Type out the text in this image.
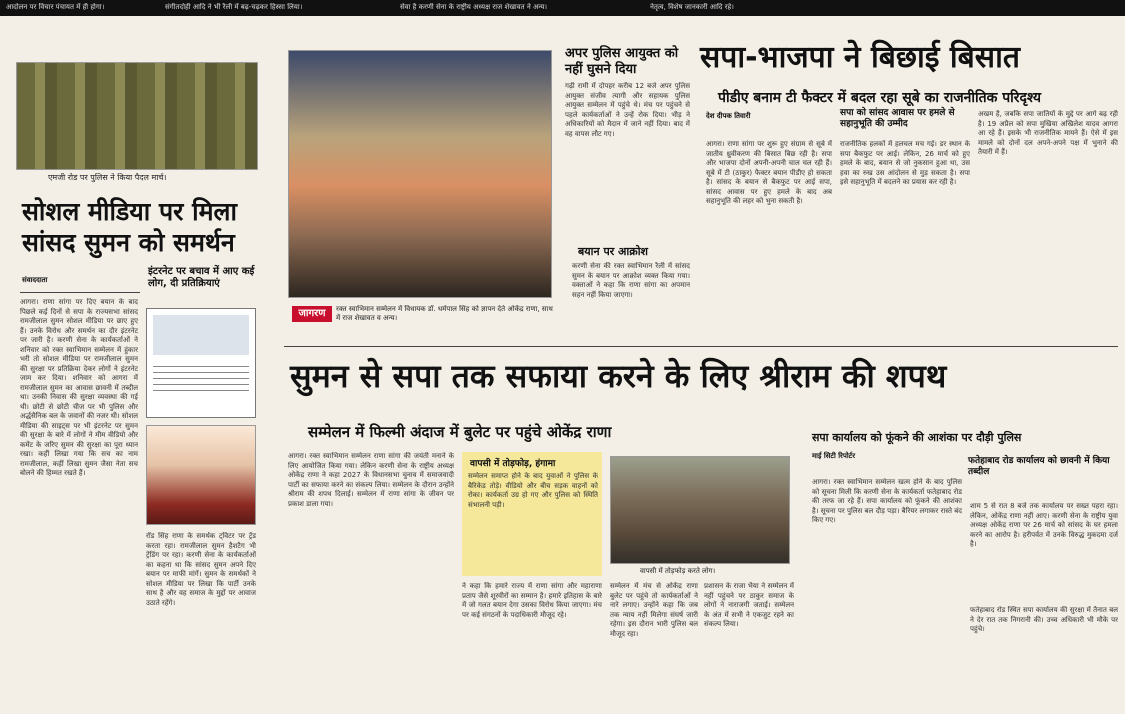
आदोलन पर विचार पंचायत में ही होगा।	संगीतदोही आदि ने भी रैली में बढ़-चढ़कर हिस्सा लिया।	सेवा है करणी सेना के राष्ट्रीय अध्यक्ष राज शेखावत ने अन्य।	नेतृत्व, विशेष जानकारी आदि रहे।
एमजी रोड पर पुलिस ने किया पैदल मार्च।
सोशल मीडिया पर मिला सांसद सुमन को समर्थन
संवाददाता
इंटरनेट पर बचाव में आए कई लोग, दी प्रतिक्रियाएं
आगरा। राणा सांगा पर दिए बयान के बाद पिछले कई दिनों से सपा के राज्यसभा सांसद रामजीलाल सुमन सोशल मीडिया पर छाए हुए हैं। उनके विरोध और समर्थन का दौर इंटरनेट पर जारी है। करणी सेना के कार्यकर्ताओं ने शनिवार को रक्त स्वाभिमान सम्मेलन में हुंकार भरी तो सोशल मीडिया पर रामजीलाल सुमन की सुरक्षा पर प्रतिक्रिया देकर लोगों ने इंटरनेट जाम कर दिया। शनिवार को आगरा में रामजीलाल सुमन का आवास छावनी में तब्दील था। उनकी निवास की सुरक्षा व्यवस्था की गई थी। छोटी से छोटी चीज पर भी पुलिस और अर्द्धसैनिक बल के जवानों की नजर थी। सोशल मीडिया की साइट्स पर भी इंटरनेट पर सुमन की सुरक्षा के बारे में लोगों ने मीम वीडियो और कमेंट के जरिए सुमन की सुरक्षा का पूरा ध्यान रखा। कहीं लिखा गया कि सच का नाम रामजीलाल, कहीं लिखा सुमन जैसा नेता सच बोलने की हिम्मत रखते हैं।
रॉड सिंह राणा के समर्थक ट्विटर पर ट्रेंड करता रहा। रामजीलाल सुमन हैशटैग भी ट्रेंडिंग पर रहा। करणी सेना के कार्यकर्ताओं का कहना था कि सांसद सुमन अपने दिए बयान पर माफी मांगें। सुमन के समर्थकों ने सोशल मीडिया पर लिखा कि पार्टी उनके साथ है और वह समाज के मुद्दों पर आवाज उठाते रहेंगे।
जागरण	रक्त स्वाभिमान सम्मेलन में विधायक डॉ. धर्मपाल सिंह को ज्ञापन देते ओकेंद्र राणा, साथ में राज शेखावत व अन्य।
अपर पुलिस आयुक्त को नहीं घुसने दिया
गढ़ी रामी में दोपहर करीब 12 बजे अपर पुलिस आयुक्त संजीव त्यागी और सहायक पुलिस आयुक्त सम्मेलन में पहुंचे थे। मंच पर पहुंचने से पहले कार्यकर्ताओं ने उन्हें रोक दिया। भीड़ ने अधिकारियों को मैदान में जाने नहीं दिया। बाद में वह वापस लौट गए।
बयान पर आक्रोश
करणी सेना की रक्त स्वाभिमान रैली में सांसद सुमन के बयान पर आक्रोश व्यक्त किया गया। वक्ताओं ने कहा कि राणा सांगा का अपमान सहन नहीं किया जाएगा।
सपा-भाजपा ने बिछाई बिसात
पीडीए बनाम टी फैक्टर में बदल रहा सूबे का राजनीतिक परिदृश्य
देश दीपक तिवारी	सपा को सांसद आवास पर हमले से सहानुभूति की उम्मीद
आगरा। राणा सांगा पर शुरू हुए संग्राम से सूबे में जातीय ध्रुवीकरण की बिसात बिछ रही है। सपा और भाजपा दोनों अपनी-अपनी चाल चल रही हैं। सूबे में टी (ठाकुर) फैक्टर बयान पीडीए हो सकता है। सांसद के बयान से बैकफुट पर आई सपा, सांसद आवास पर हुए हमले के बाद अब सहानुभूति की लहर को भुना सकती है।
राजनीतिक हलकों में हलचल मच गई। डर स्थान के सपा बैकफुट पर आई। लेकिन, 26 मार्च को हुए हमले के बाद, बयान से जो नुकसान हुआ था, उस हवा का रुख उस आंदोलन से मुड़ सकता है। सपा इसे सहानुभूति में बदलने का प्रयास कर रही है।
अखम है, जबकि सपा जातियों के मुद्दे पर आगे बढ़ रही है। 19 अप्रैल को सपा मुखिया अखिलेश यादव आगरा आ रहे हैं। इसके भी राजनीतिक मायने हैं। ऐसे में इस मामले को दोनों दल अपने-अपने पक्ष में भुनाने की तैयारी में हैं।
सुमन से सपा तक सफाया करने के लिए श्रीराम की शपथ
सम्मेलन में फिल्मी अंदाज में बुलेट पर पहुंचे ओकेंद्र राणा
आगरा। रक्त स्वाभिमान सम्मेलन राणा सांगा की जयंती मनाने के लिए आयोजित किया गया। लेकिन करणी सेना के राष्ट्रीय अध्यक्ष ओकेंद्र राणा ने कहा 2027 के विधानसभा चुनाव में समाजवादी पार्टी का सफाया करने का संकल्प लिया। सम्मेलन के दौरान उन्होंने श्रीराम की शपथ दिलाई। सम्मेलन में राणा सांगा के जीवन पर प्रकाश डाला गया।
वापसी में तोड़फोड़, हंगामा
सम्मेलन समाप्त होने के बाद युवाओं ने पुलिस के बैरिकेड तोड़े। वीडियो और बीच सड़क वाहनों को रोका। कार्यकर्ता उग्र हो गए और पुलिस को स्थिति संभालनी पड़ी।
वापसी में तोड़फोड़ करते लोग।
ने कहा कि हमारे राज्य में राणा सांगा और महाराणा प्रताप जैसे शूरवीरों का सम्मान है। हमारे इतिहास के बारे में जो गलत बयान देगा उसका विरोध किया जाएगा। मंच पर कई संगठनों के पदाधिकारी मौजूद रहे।
सम्मेलन में मंच से ओकेंद्र राणा बुलेट पर पहुंचे तो कार्यकर्ताओं ने नारे लगाए। उन्होंने कहा कि जब तक न्याय नहीं मिलेगा संघर्ष जारी रहेगा। इस दौरान भारी पुलिस बल मौजूद रहा।
प्रशासन के राजा भैया ने सम्मेलन में नहीं पहुंचने पर ठाकुर समाज के लोगों ने नाराजगी जताई। सम्मेलन के अंत में सभी ने एकजुट रहने का संकल्प लिया।
सपा कार्यालय को फूंकने की आशंका पर दौड़ी पुलिस
माई सिटी रिपोर्टर	फतेहाबाद रोड कार्यालय को छावनी में किया तब्दील
आगरा। रक्त स्वाभिमान सम्मेलन खत्म होने के बाद पुलिस को सूचना मिली कि करणी सेना के कार्यकर्ता फतेहाबाद रोड की तरफ जा रहे हैं। सपा कार्यालय को फूंकने की आशंका है। सूचना पर पुलिस बल दौड़ पड़ा। बैरियर लगाकर रास्ते बंद किए गए।
शाम 5 से रात 8 बजे तक कार्यालय पर सख्त पहरा रहा। लेकिन, ओकेंद्र राणा नहीं आए। करणी सेना के राष्ट्रीय युवा अध्यक्ष ओकेंद्र राणा पर 26 मार्च को सांसद के घर हमला करने का आरोप है। हरीपर्वत में उनके विरुद्ध मुकदमा दर्ज है।
फतेहाबाद रोड स्थित सपा कार्यालय की सुरक्षा में तैनात बल ने देर रात तक निगरानी की। उच्च अधिकारी भी मौके पर पहुंचे।
